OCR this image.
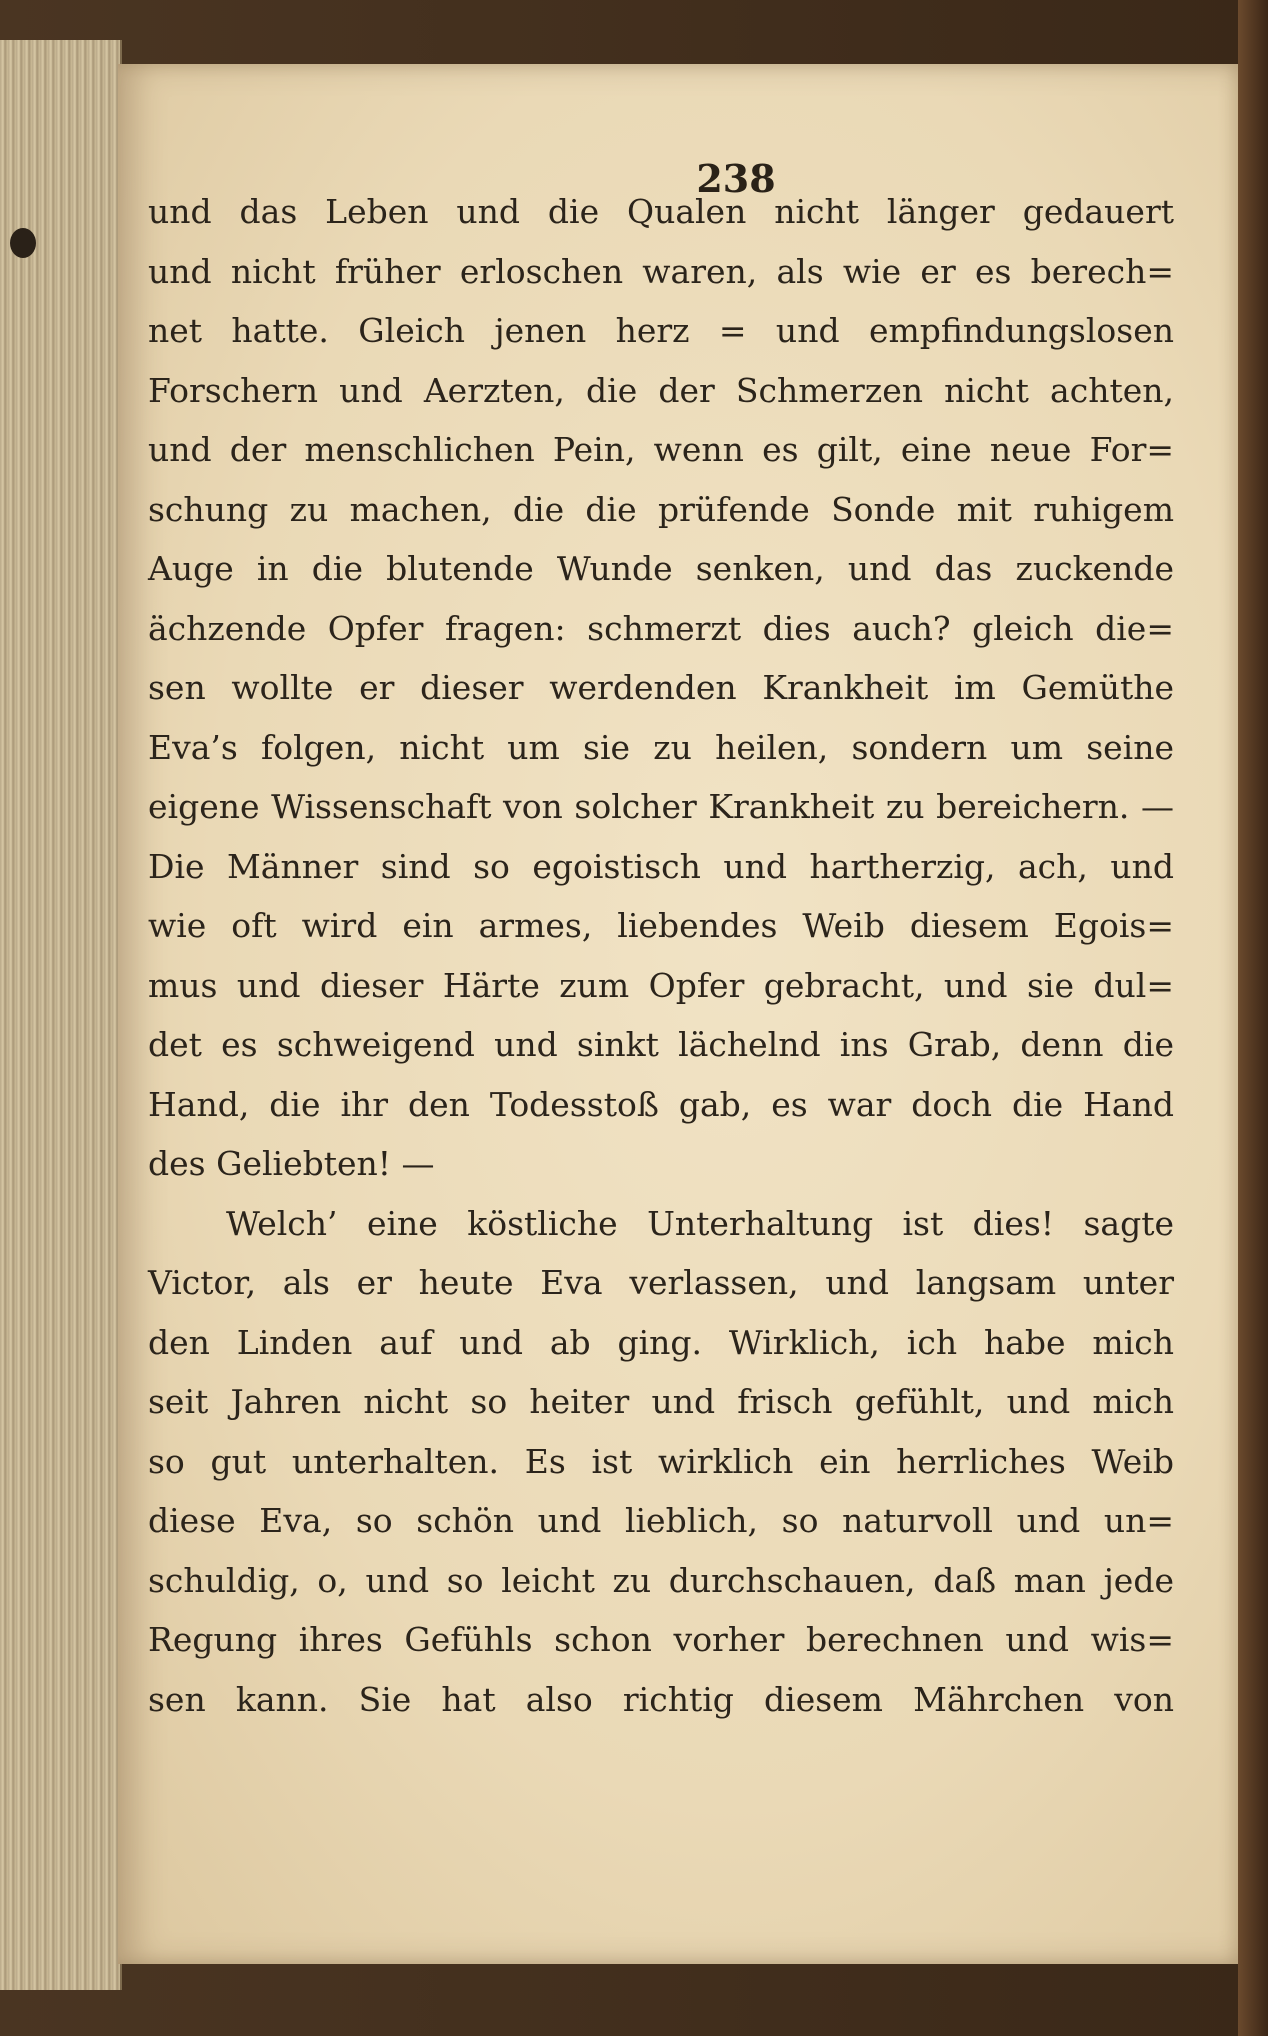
238
und das Leben und die Qualen nicht länger gedauert
und nicht früher erloschen waren, als wie er es berech=
net hatte. Gleich jenen herz = und empfindungslosen
Forschern und Aerzten, die der Schmerzen nicht achten,
und der menschlichen Pein, wenn es gilt, eine neue For=
schung zu machen, die die prüfende Sonde mit ruhigem
Auge in die blutende Wunde senken, und das zuckende
ächzende Opfer fragen: schmerzt dies auch? gleich die=
sen wollte er dieser werdenden Krankheit im Gemüthe
Eva’s folgen, nicht um sie zu heilen, sondern um seine
eigene Wissenschaft von solcher Krankheit zu bereichern. —
Die Männer sind so egoistisch und hartherzig, ach, und
wie oft wird ein armes, liebendes Weib diesem Egois=
mus und dieser Härte zum Opfer gebracht, und sie dul=
det es schweigend und sinkt lächelnd ins Grab, denn die
Hand, die ihr den Todesstoß gab, es war doch die Hand
des Geliebten! —
Welch’ eine köstliche Unterhaltung ist dies! sagte
Victor, als er heute Eva verlassen, und langsam unter
den Linden auf und ab ging. Wirklich, ich habe mich
seit Jahren nicht so heiter und frisch gefühlt, und mich
so gut unterhalten. Es ist wirklich ein herrliches Weib
diese Eva, so schön und lieblich, so naturvoll und un=
schuldig, o, und so leicht zu durchschauen, daß man jede
Regung ihres Gefühls schon vorher berechnen und wis=
sen kann. Sie hat also richtig diesem Mährchen von
